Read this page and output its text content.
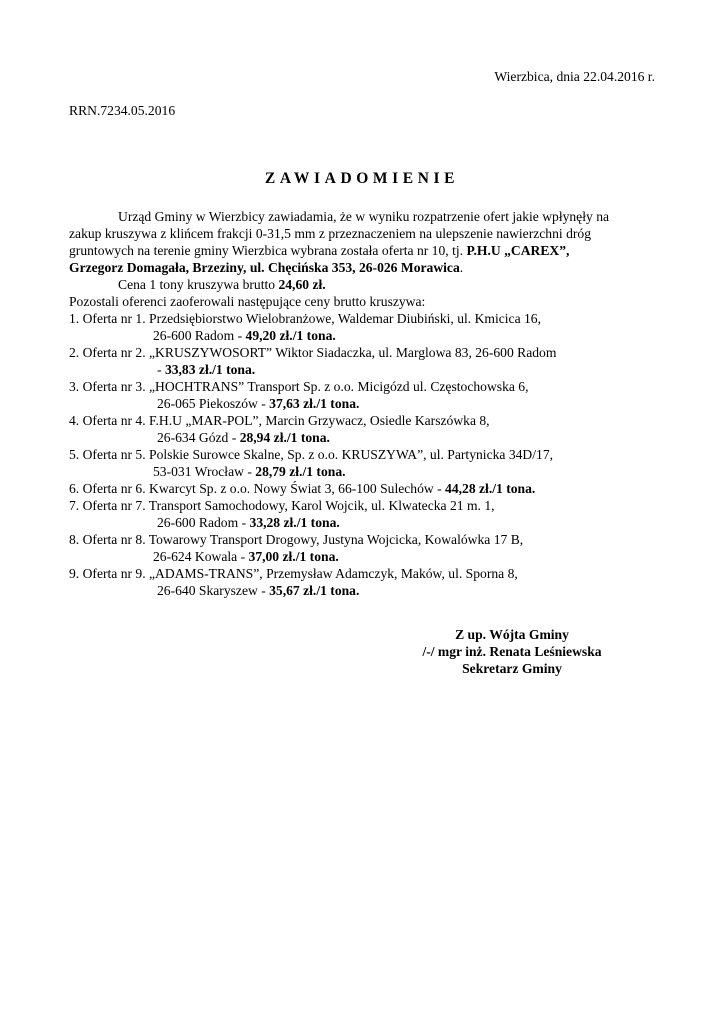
Wierzbica, dnia 22.04.2016 r.
RRN.7234.05.2016
ZAWIADOMIENIE
Urząd Gminy w Wierzbicy zawiadamia, że w wyniku rozpatrzenie ofert jakie wpłynęły na
zakup kruszywa z klińcem frakcji 0-31,5 mm z przeznaczeniem na ulepszenie nawierzchni dróg
gruntowych na terenie gminy Wierzbica wybrana została oferta nr 10, tj. P.H.U „CAREX”,
Grzegorz Domagała, Brzeziny, ul. Chęcińska 353, 26-026 Morawica.
Cena 1 tony kruszywa brutto 24,60 zł.
Pozostali oferenci zaoferowali następujące ceny brutto kruszywa:
1. Oferta nr 1. Przedsiębiorstwo Wielobranżowe, Waldemar Diubiński, ul. Kmicica 16,
26-600 Radom - 49,20 zł./1 tona.
2. Oferta nr 2. „KRUSZYWOSORT” Wiktor Siadaczka, ul. Marglowa 83, 26-600 Radom
- 33,83 zł./1 tona.
3. Oferta nr 3. „HOCHTRANS” Transport Sp. z o.o. Micigózd ul. Częstochowska 6,
26-065 Piekoszów - 37,63 zł./1 tona.
4. Oferta nr 4. F.H.U „MAR-POL”, Marcin Grzywacz, Osiedle Karszówka 8,
26-634 Gózd - 28,94 zł./1 tona.
5. Oferta nr 5. Polskie Surowce Skalne, Sp. z o.o. KRUSZYWA”, ul. Partynicka 34D/17,
53-031 Wrocław - 28,79 zł./1 tona.
6. Oferta nr 6. Kwarcyt Sp. z o.o. Nowy Świat 3, 66-100 Sulechów - 44,28 zł./1 tona.
7. Oferta nr 7. Transport Samochodowy, Karol Wojcik, ul. Klwatecka 21 m. 1,
26-600 Radom - 33,28 zł./1 tona.
8. Oferta nr 8. Towarowy Transport Drogowy, Justyna Wojcicka, Kowalówka 17 B,
26-624 Kowala - 37,00 zł./1 tona.
9. Oferta nr 9. „ADAMS-TRANS”, Przemysław Adamczyk, Maków, ul. Sporna 8,
26-640 Skaryszew - 35,67 zł./1 tona.
Z up. Wójta Gminy
/-/ mgr inż. Renata Leśniewska
Sekretarz Gminy
